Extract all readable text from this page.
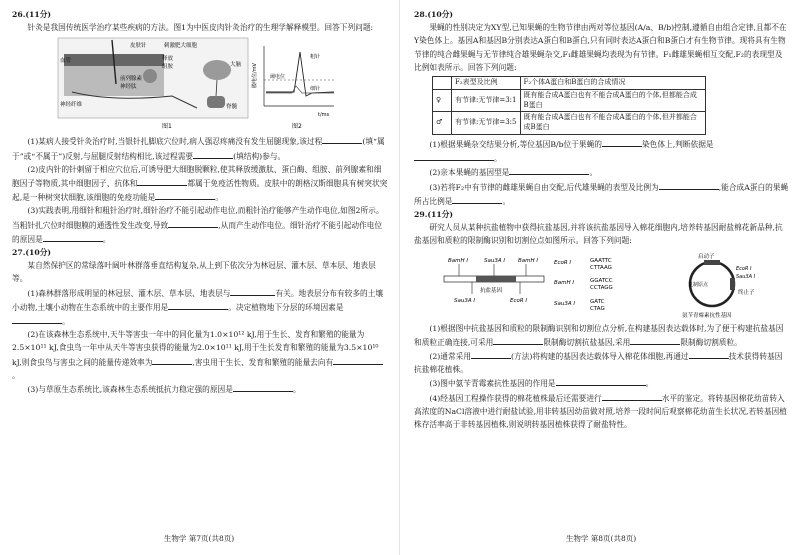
26.(11分)

针灸是我国传统医学治疗某些疾病的方法。图1为中医皮肉针灸治疗的生理学解释模型。回答下列问题:

皮肤针	刺激肥大细胞
血管	释放
组胺
前列腺素
神经肽
神经纤维
大脑
脊髓
图1
膜电位/mV
t/ms
粗针
细针
阈电位
图2

(1)某病人接受针灸治疗时,当银针扎脚底穴位时,病人强忍疼痛没有发生屈腿现象,该过程	(填“属于”或“不属于”)反射,与屈腿反射结构相比,该过程需要	(填结构)参与。

(2)皮内针的针刺留于相应穴位后,可诱导肥大细胞脱颗粒,使其释放缓激肽、蛋白酶、组胺、前列腺素和细胞因子等物质,其中细胞因子、抗体和	都属于免疫活性物质。皮肤中的朗格汉斯细胞具有树突状突起,是一种树突状细胞,该细胞的免疫功能是	。

(3)实践表明,用细针和粗针治疗时,细针治疗不能引起动作电位,而粗针治疗能够产生动作电位,如图2所示。当粗针扎穴位时细胞膜的通透性发生改变,导致	,从而产生动作电位。细针治疗不能引起动作电位的原因是	。

27.(10分)

某自然保护区的常绿落叶阔叶林群落垂直结构复杂,从上到下依次分为林冠层、灌木层、草本层、地表层等。

(1)森林群落形成明显的林冠层、灌木层、草本层、地表层与	有关。地表层分布有较多的土壤小动物,土壤小动物在生态系统中的主要作用是	。决定植物地下分层的环境因素是。

(2)在该森林生态系统中,天牛等害虫一年中的同化量为1.0×10¹² kJ,用于生长、发育和繁殖的能量为2.5×10¹¹ kJ,食虫鸟一年中从天牛等害虫获得的能量为2.0×10¹¹ kJ,用于生长发育和繁殖的能量为3.5×10¹⁰ kJ,则食虫鸟与害虫之间的能量传递效率为	,害虫用于生长、发育和繁殖的能量去向有。

(3)与草原生态系统比,该森林生态系统抵抗力稳定强的原因是	。

生物学 第7页(共8页)

28.(10分)

果蝇的性别决定为XY型,已知果蝇的生物节律由两对等位基因(A/a、B/b)控制,遵循自由组合定律,且都不在Y染色体上。基因A和基因B分别表达A蛋白和B蛋白,只有同时表达A蛋白和B蛋白才有生物节律。现将具有生物节律的纯合雌果蝇与无节律纯合雄果蝇杂交,F₁雌雄果蝇均表现为有节律。F₁雌雄果蝇相互交配,F₂的表现型及比例如表所示。回答下列问题:

	F₂表型及比例	F₂个体A蛋白和B蛋白的合成情况
♀	有节律:无节律=3:1	既有能合成A蛋白也有不能合成A蛋白的个体,但都能合成B蛋白
♂	有节律:无节律=3:5	既有能合成A蛋白也有不能合成A蛋白的个体,但并都能合成B蛋白

(1)根据果蝇杂交结果分析,等位基因B/b位于果蝇的	染色体上,判断依据是。

(2)亲本果蝇的基因型是	。

(3)若将F₂中有节律的雌雄果蝇自由交配,后代雄果蝇的表型及比例为	,能合成A蛋白的果蝇所占比例是	。

29.(11分)

研究人员从某种抗盐植物中获得抗盐基因,并将该抗盐基因导入棉花细胞内,培养转基因耐盐棉花新品种,抗盐基因和质粒的限制酶识别和切割位点如图所示。回答下列问题:

BamH Ⅰ	Sau3A Ⅰ BamH Ⅰ
Sau3A Ⅰ	EcoR Ⅰ
抗盐基因
EcoR Ⅰ	GAATTC
CTTAAG
BamH Ⅰ	GGATCC
CCTAGG
Sau3A Ⅰ	GATC
CTAG
启动子
复制原点
终止子
EcoR Ⅰ
Sau3A Ⅰ
氨苄青霉素抗性基因

(1)根据图中抗盐基因和质粒的限制酶识别和切割位点分析,在构建基因表达载体时,为了便于构建抗盐基因和质粒正确连接,可采用	限制酶切割抗盐基因,采用	限制酶切割质粒。

(2)通常采用	(方法)将构建的基因表达载体导入棉花体细胞,再通过	技术获得转基因抗盐棉花植株。

(3)图中氨苄青霉素抗性基因的作用是	。

(4)经基因工程操作获得的棉花植株最后还需要进行	水平的鉴定。将转基因棉花幼苗转入高浓度的NaCl溶液中进行耐盐试验,用非转基因幼苗做对照,培养一段时间后观察棉花幼苗生长状况,若转基因植株存活率高于非转基因植株,则说明转基因植株获得了耐盐特性。

生物学 第8页(共8页)
